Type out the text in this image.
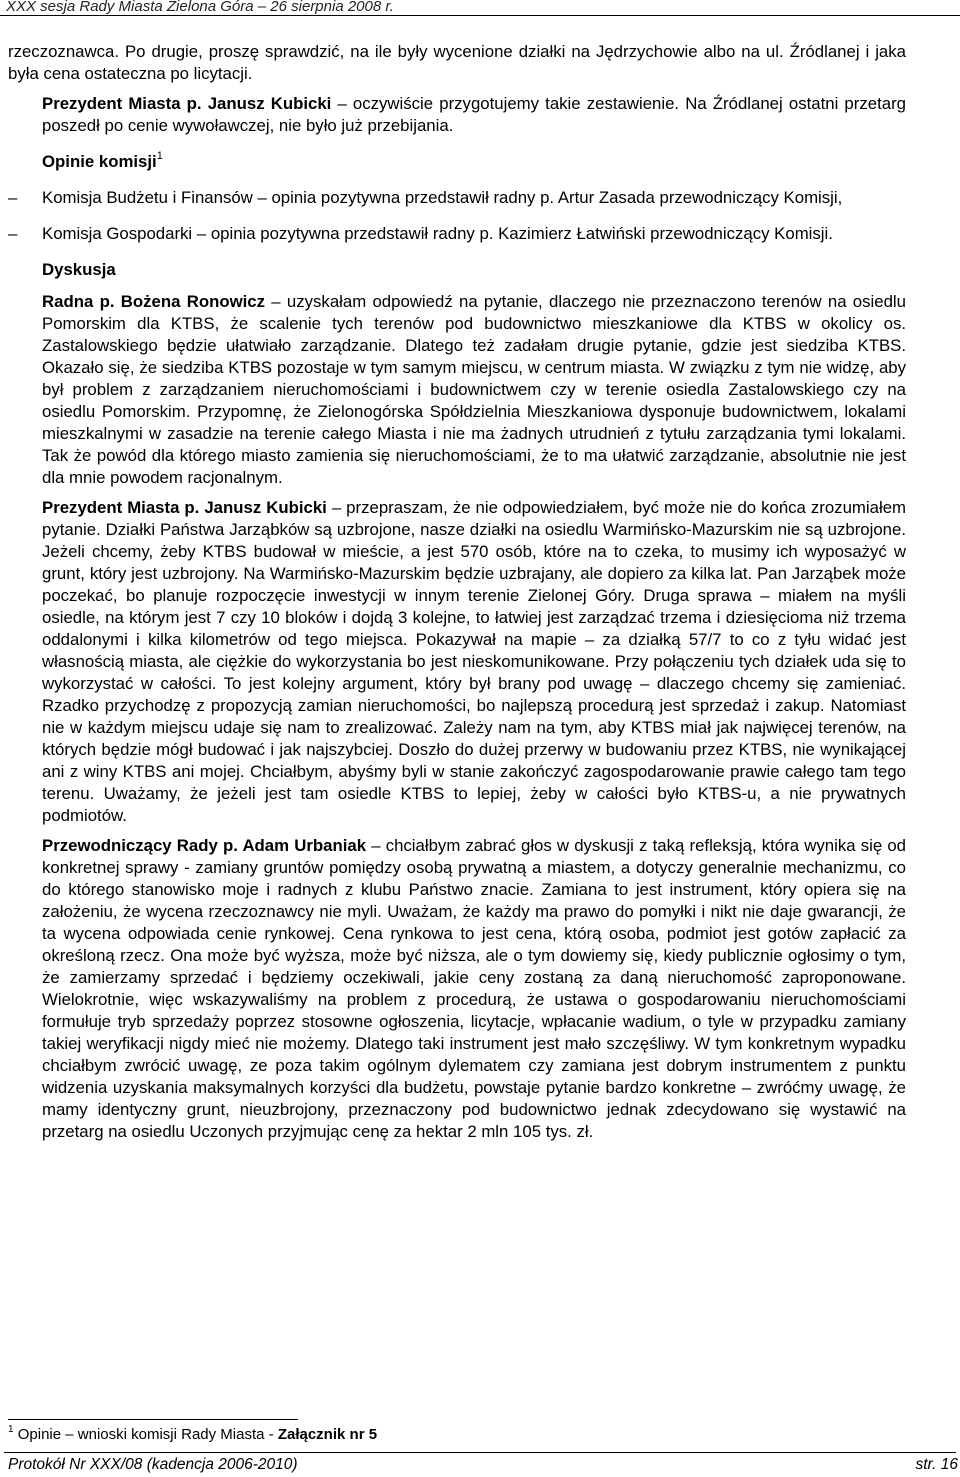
XXX sesja Rady Miasta Zielona Góra – 26 sierpnia 2008 r.

rzeczoznawca. Po drugie, proszę sprawdzić, na ile były wycenione działki na Jędrzychowie albo na ul. Źródlanej i jaka była cena ostateczna po licytacji.

Prezydent Miasta p. Janusz Kubicki – oczywiście przygotujemy takie zestawienie. Na Źródlanej ostatni przetarg poszedł po cenie wywoławczej, nie było już przebijania.

Opinie komisji$^1$

–	Komisja Budżetu i Finansów – opinia pozytywna przedstawił radny p. Artur Zasada przewodniczący Komisji,

–	Komisja Gospodarki – opinia pozytywna przedstawił radny p. Kazimierz Łatwiński przewodniczący Komisji.

Dyskusja

Radna p. Bożena Ronowicz – uzyskałam odpowiedź na pytanie, dlaczego nie przeznaczono terenów na osiedlu Pomorskim dla KTBS, że scalenie tych terenów pod budownictwo mieszkaniowe dla KTBS w okolicy os. Zastalowskiego będzie ułatwiało zarządzanie. Dlatego też zadałam drugie pytanie, gdzie jest siedziba KTBS. Okazało się, że siedziba KTBS pozostaje w tym samym miejscu, w centrum miasta. W związku z tym nie widzę, aby był problem z zarządzaniem nieruchomościami i budownictwem czy w terenie osiedla Zastalowskiego czy na osiedlu Pomorskim. Przypomnę, że Zielonogórska Spółdzielnia Mieszkaniowa dysponuje budownictwem, lokalami mieszkalnymi w zasadzie na terenie całego Miasta i nie ma żadnych utrudnień z tytułu zarządzania tymi lokalami. Tak że powód dla którego miasto zamienia się nieruchomościami, że to ma ułatwić zarządzanie, absolutnie nie jest dla mnie powodem racjonalnym.

Prezydent Miasta p. Janusz Kubicki – przepraszam, że nie odpowiedziałem, być może nie do końca zrozumiałem pytanie. Działki Państwa Jarząbków są uzbrojone, nasze działki na osiedlu Warmińsko-Mazurskim nie są uzbrojone. Jeżeli chcemy, żeby KTBS budował w mieście, a jest 570 osób, które na to czeka, to musimy ich wyposażyć w grunt, który jest uzbrojony. Na Warmińsko-Mazurskim będzie uzbrajany, ale dopiero za kilka lat. Pan Jarząbek może poczekać, bo planuje rozpoczęcie inwestycji w innym terenie Zielonej Góry. Druga sprawa – miałem na myśli osiedle, na którym jest 7 czy 10 bloków i dojdą 3 kolejne, to łatwiej jest zarządzać trzema i dziesięcioma niż trzema oddalonymi i kilka kilometrów od tego miejsca. Pokazywał na mapie – za działką 57/7 to co z tyłu widać jest własnością miasta, ale ciężkie do wykorzystania bo jest nieskomunikowane. Przy połączeniu tych działek uda się to wykorzystać w całości. To jest kolejny argument, który był brany pod uwagę – dlaczego chcemy się zamieniać. Rzadko przychodzę z propozycją zamian nieruchomości, bo najlepszą procedurą jest sprzedaż i zakup. Natomiast nie w każdym miejscu udaje się nam to zrealizować. Zależy nam na tym, aby KTBS miał jak najwięcej terenów, na których będzie mógł budować i jak najszybciej. Doszło do dużej przerwy w budowaniu przez KTBS, nie wynikającej ani z winy KTBS ani mojej. Chciałbym, abyśmy byli w stanie zakończyć zagospodarowanie prawie całego tam tego terenu. Uważamy, że jeżeli jest tam osiedle KTBS to lepiej, żeby w całości było KTBS-u, a nie prywatnych podmiotów.

Przewodniczący Rady p. Adam Urbaniak – chciałbym zabrać głos w dyskusji z taką refleksją, która wynika się od konkretnej sprawy - zamiany gruntów pomiędzy osobą prywatną a miastem, a dotyczy generalnie mechanizmu, co do którego stanowisko moje i radnych z klubu Państwo znacie. Zamiana to jest instrument, który opiera się na założeniu, że wycena rzeczoznawcy nie myli. Uważam, że każdy ma prawo do pomyłki i nikt nie daje gwarancji, że ta wycena odpowiada cenie rynkowej. Cena rynkowa to jest cena, którą osoba, podmiot jest gotów zapłacić za określoną rzecz. Ona może być wyższa, może być niższa, ale o tym dowiemy się, kiedy publicznie ogłosimy o tym, że zamierzamy sprzedać i będziemy oczekiwali, jakie ceny zostaną za daną nieruchomość zaproponowane. Wielokrotnie, więc wskazywaliśmy na problem z procedurą, że ustawa o gospodarowaniu nieruchomościami formułuje tryb sprzedaży poprzez stosowne ogłoszenia, licytacje, wpłacanie wadium, o tyle w przypadku zamiany takiej weryfikacji nigdy mieć nie możemy. Dlatego taki instrument jest mało szczęśliwy. W tym konkretnym wypadku chciałbym zwrócić uwagę, ze poza takim ogólnym dylematem czy zamiana jest dobrym instrumentem z punktu widzenia uzyskania maksymalnych korzyści dla budżetu, powstaje pytanie bardzo konkretne – zwróćmy uwagę, że mamy identyczny grunt, nieuzbrojony, przeznaczony pod budownictwo jednak zdecydowano się wystawić na przetarg na osiedlu Uczonych przyjmując cenę za hektar 2 mln 105 tys. zł.

$^1$ Opinie – wnioski komisji Rady Miasta - Załącznik nr 5
Protokół Nr XXX/08 (kadencja 2006-2010)	str. 16
